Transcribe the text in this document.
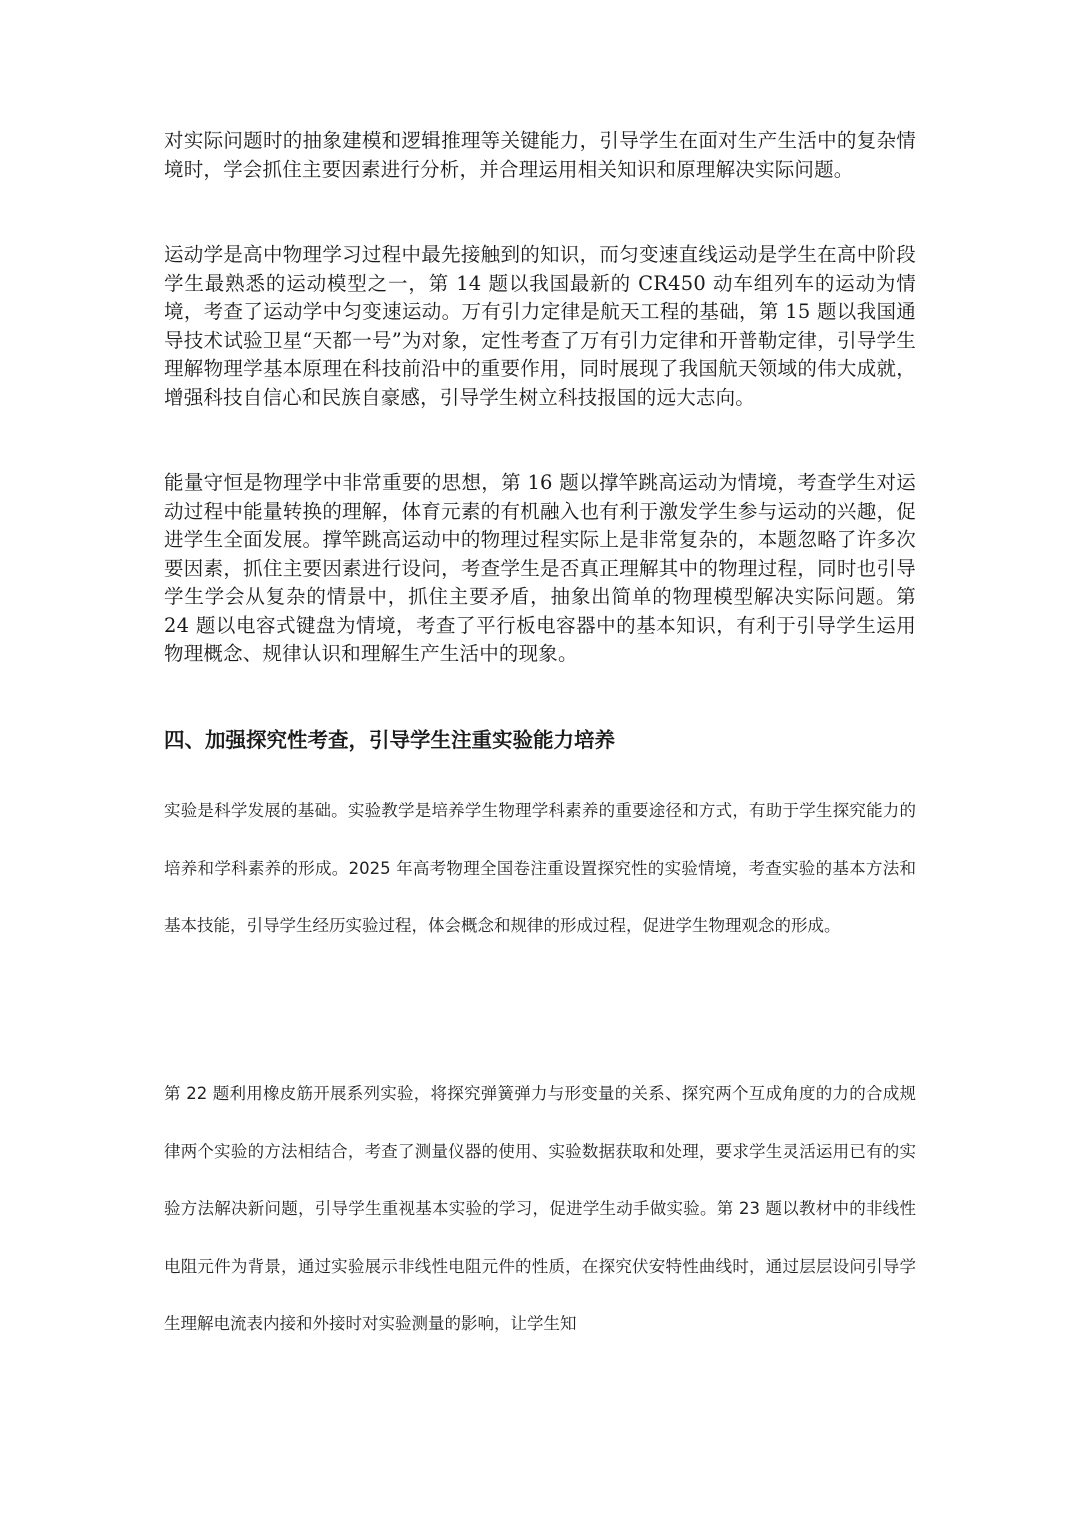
对实际问题时的抽象建模和逻辑推理等关键能力，引导学生在面对生产生活中的复杂情境时，学会抓住主要因素进行分析，并合理运用相关知识和原理解决实际问题。

运动学是高中物理学习过程中最先接触到的知识，而匀变速直线运动是学生在高中阶段学生最熟悉的运动模型之一，第 14 题以我国最新的 CR450 动车组列车的运动为情境，考查了运动学中匀变速运动。万有引力定律是航天工程的基础，第 15 题以我国通导技术试验卫星“天都一号”为对象，定性考查了万有引力定律和开普勒定律，引导学生理解物理学基本原理在科技前沿中的重要作用，同时展现了我国航天领域的伟大成就，增强科技自信心和民族自豪感，引导学生树立科技报国的远大志向。

能量守恒是物理学中非常重要的思想，第 16 题以撑竿跳高运动为情境，考查学生对运动过程中能量转换的理解，体育元素的有机融入也有利于激发学生参与运动的兴趣，促进学生全面发展。撑竿跳高运动中的物理过程实际上是非常复杂的，本题忽略了许多次要因素，抓住主要因素进行设问，考查学生是否真正理解其中的物理过程，同时也引导学生学会从复杂的情景中，抓住主要矛盾，抽象出简单的物理模型解决实际问题。第 24 题以电容式键盘为情境，考查了平行板电容器中的基本知识，有利于引导学生运用物理概念、规律认识和理解生产生活中的现象。

四、加强探究性考查，引导学生注重实验能力培养

实验是科学发展的基础。实验教学是培养学生物理学科素养的重要途径和方式，有助于学生探究能力的培养和学科素养的形成。2025 年高考物理全国卷注重设置探究性的实验情境，考查实验的基本方法和基本技能，引导学生经历实验过程，体会概念和规律的形成过程，促进学生物理观念的形成。

第 22 题利用橡皮筋开展系列实验，将探究弹簧弹力与形变量的关系、探究两个互成角度的力的合成规律两个实验的方法相结合，考查了测量仪器的使用、实验数据获取和处理，要求学生灵活运用已有的实验方法解决新问题，引导学生重视基本实验的学习，促进学生动手做实验。第 23 题以教材中的非线性电阻元件为背景，通过实验展示非线性电阻元件的性质，在探究伏安特性曲线时，通过层层设问引导学生理解电流表内接和外接时对实验测量的影响，让学生知
